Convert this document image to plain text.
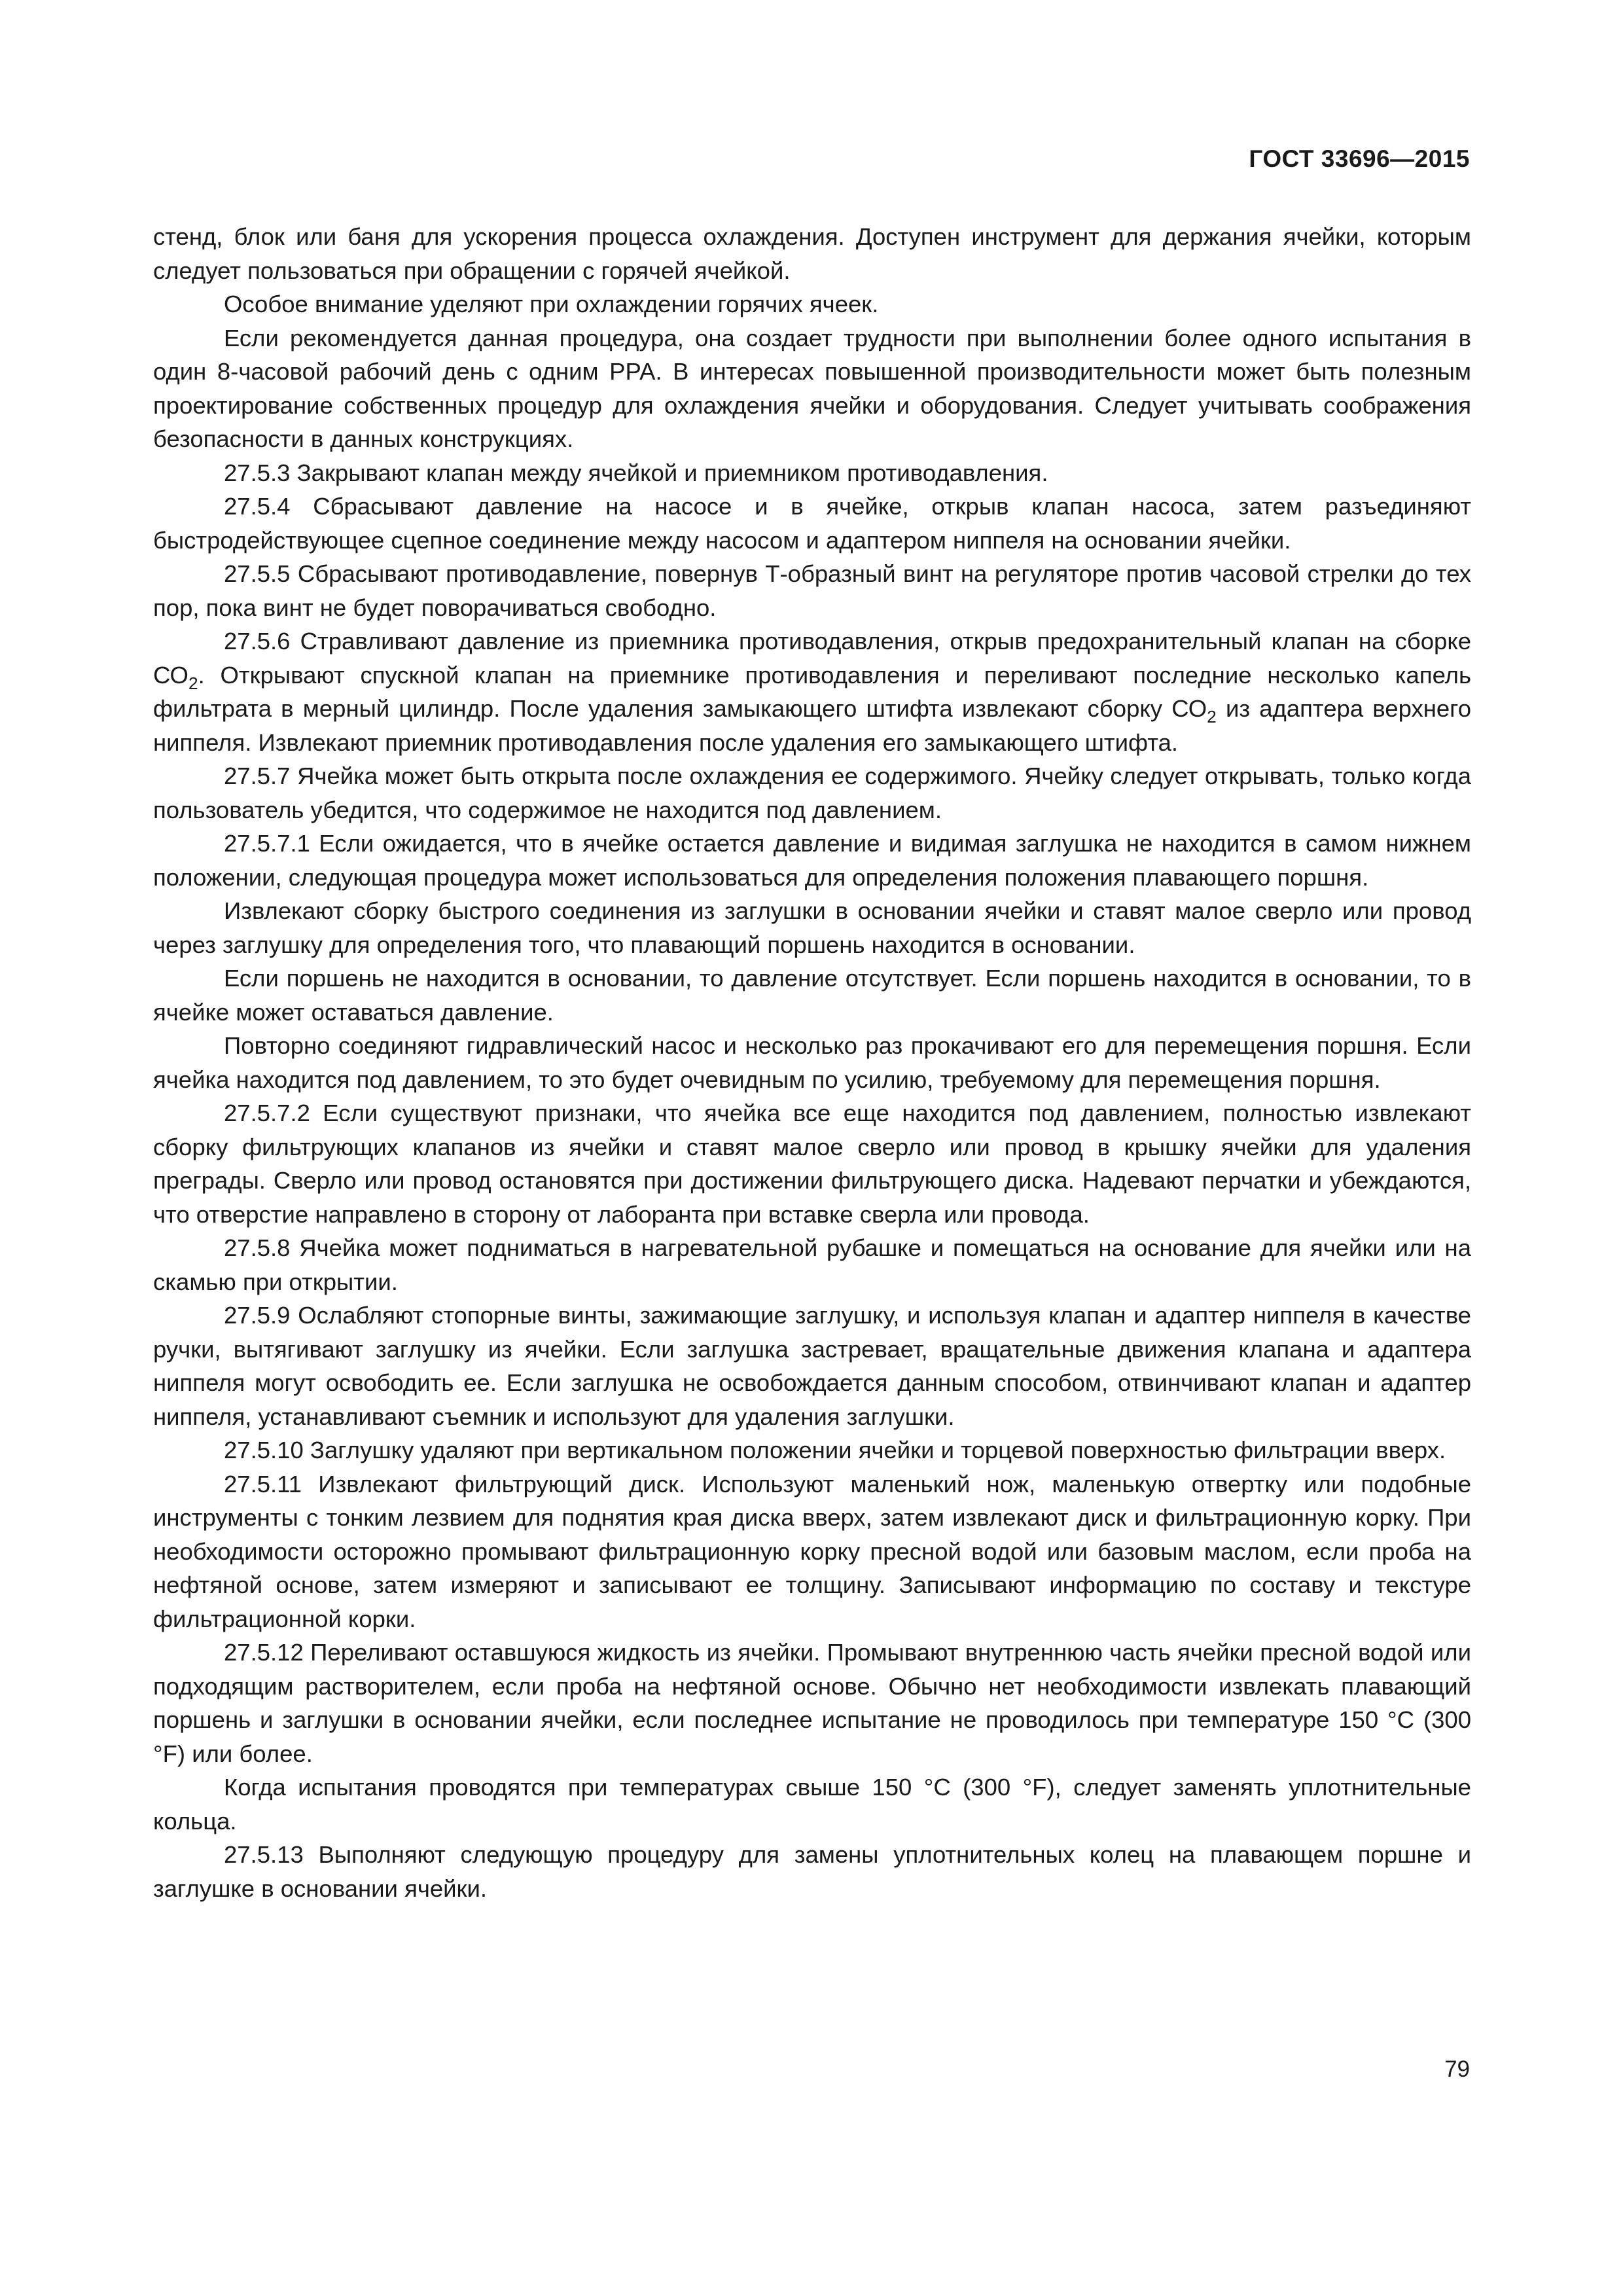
ГОСТ 33696—2015

стенд, блок или баня для ускорения процесса охлаждения. Доступен инструмент для держания ячейки, которым следует пользоваться при обращении с горячей ячейкой.

Особое внимание уделяют при охлаждении горячих ячеек.

Если рекомендуется данная процедура, она создает трудности при выполнении более одного испытания в один 8-часовой рабочий день с одним PPA. В интересах повышенной производительности может быть полезным проектирование собственных процедур для охлаждения ячейки и оборудования. Следует учитывать соображения безопасности в данных конструкциях.

27.5.3 Закрывают клапан между ячейкой и приемником противодавления.

27.5.4 Сбрасывают давление на насосе и в ячейке, открыв клапан насоса, затем разъединяют быстродействующее сцепное соединение между насосом и адаптером ниппеля на основании ячейки.

27.5.5 Сбрасывают противодавление, повернув Т-образный винт на регуляторе против часовой стрелки до тех пор, пока винт не будет поворачиваться свободно.

27.5.6 Стравливают давление из приемника противодавления, открыв предохранительный клапан на сборке $СО_2$. Открывают спускной клапан на приемнике противодавления и переливают последние несколько капель фильтрата в мерный цилиндр. После удаления замыкающего штифта извлекают сборку $СО_2$ из адаптера верхнего ниппеля. Извлекают приемник противодавления после удаления его замыкающего штифта.

27.5.7 Ячейка может быть открыта после охлаждения ее содержимого. Ячейку следует открывать, только когда пользователь убедится, что содержимое не находится под давлением.

27.5.7.1 Если ожидается, что в ячейке остается давление и видимая заглушка не находится в самом нижнем положении, следующая процедура может использоваться для определения положения плавающего поршня.

Извлекают сборку быстрого соединения из заглушки в основании ячейки и ставят малое сверло или провод через заглушку для определения того, что плавающий поршень находится в основании.

Если поршень не находится в основании, то давление отсутствует. Если поршень находится в основании, то в ячейке может оставаться давление.

Повторно соединяют гидравлический насос и несколько раз прокачивают его для перемещения поршня. Если ячейка находится под давлением, то это будет очевидным по усилию, требуемому для перемещения поршня.

27.5.7.2 Если существуют признаки, что ячейка все еще находится под давлением, полностью извлекают сборку фильтрующих клапанов из ячейки и ставят малое сверло или провод в крышку ячейки для удаления преграды. Сверло или провод остановятся при достижении фильтрующего диска. Надевают перчатки и убеждаются, что отверстие направлено в сторону от лаборанта при вставке сверла или провода.

27.5.8 Ячейка может подниматься в нагревательной рубашке и помещаться на основание для ячейки или на скамью при открытии.

27.5.9 Ослабляют стопорные винты, зажимающие заглушку, и используя клапан и адаптер ниппеля в качестве ручки, вытягивают заглушку из ячейки. Если заглушка застревает, вращательные движения клапана и адаптера ниппеля могут освободить ее. Если заглушка не освобождается данным способом, отвинчивают клапан и адаптер ниппеля, устанавливают съемник и используют для удаления заглушки.

27.5.10 Заглушку удаляют при вертикальном положении ячейки и торцевой поверхностью фильтрации вверх.

27.5.11 Извлекают фильтрующий диск. Используют маленький нож, маленькую отвертку или подобные инструменты с тонким лезвием для поднятия края диска вверх, затем извлекают диск и фильтрационную корку. При необходимости осторожно промывают фильтрационную корку пресной водой или базовым маслом, если проба на нефтяной основе, затем измеряют и записывают ее толщину. Записывают информацию по составу и текстуре фильтрационной корки.

27.5.12 Переливают оставшуюся жидкость из ячейки. Промывают внутреннюю часть ячейки пресной водой или подходящим растворителем, если проба на нефтяной основе. Обычно нет необходимости извлекать плавающий поршень и заглушки в основании ячейки, если последнее испытание не проводилось при температуре 150 °С (300 °F) или более.

Когда испытания проводятся при температурах свыше 150 °С (300 °F), следует заменять уплотнительные кольца.

27.5.13 Выполняют следующую процедуру для замены уплотнительных колец на плавающем поршне и заглушке в основании ячейки.

79
